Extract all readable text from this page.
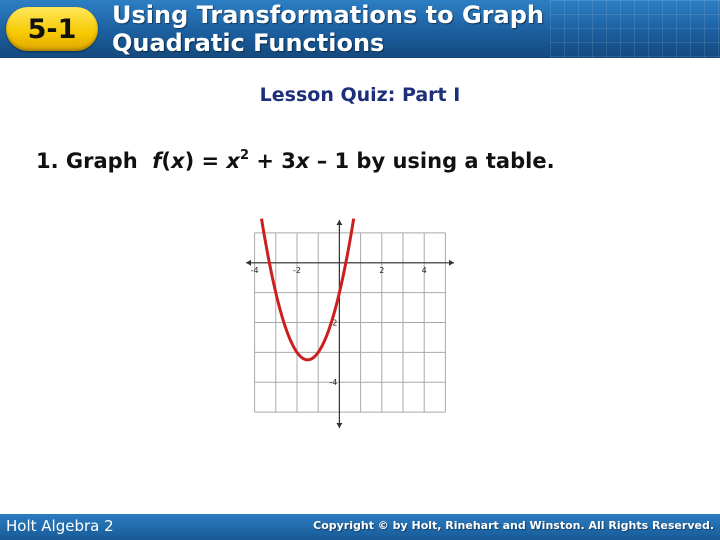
5-1	Using Transformations to Graph
Quadratic Functions
Lesson Quiz: Part I
1. Graph $f(x) = x^2 + 3x - 1$ by using a table.
-4	-2	2	4
-2
-4
Holt Algebra 2	Copyright © by Holt, Rinehart and Winston. All Rights Reserved.
